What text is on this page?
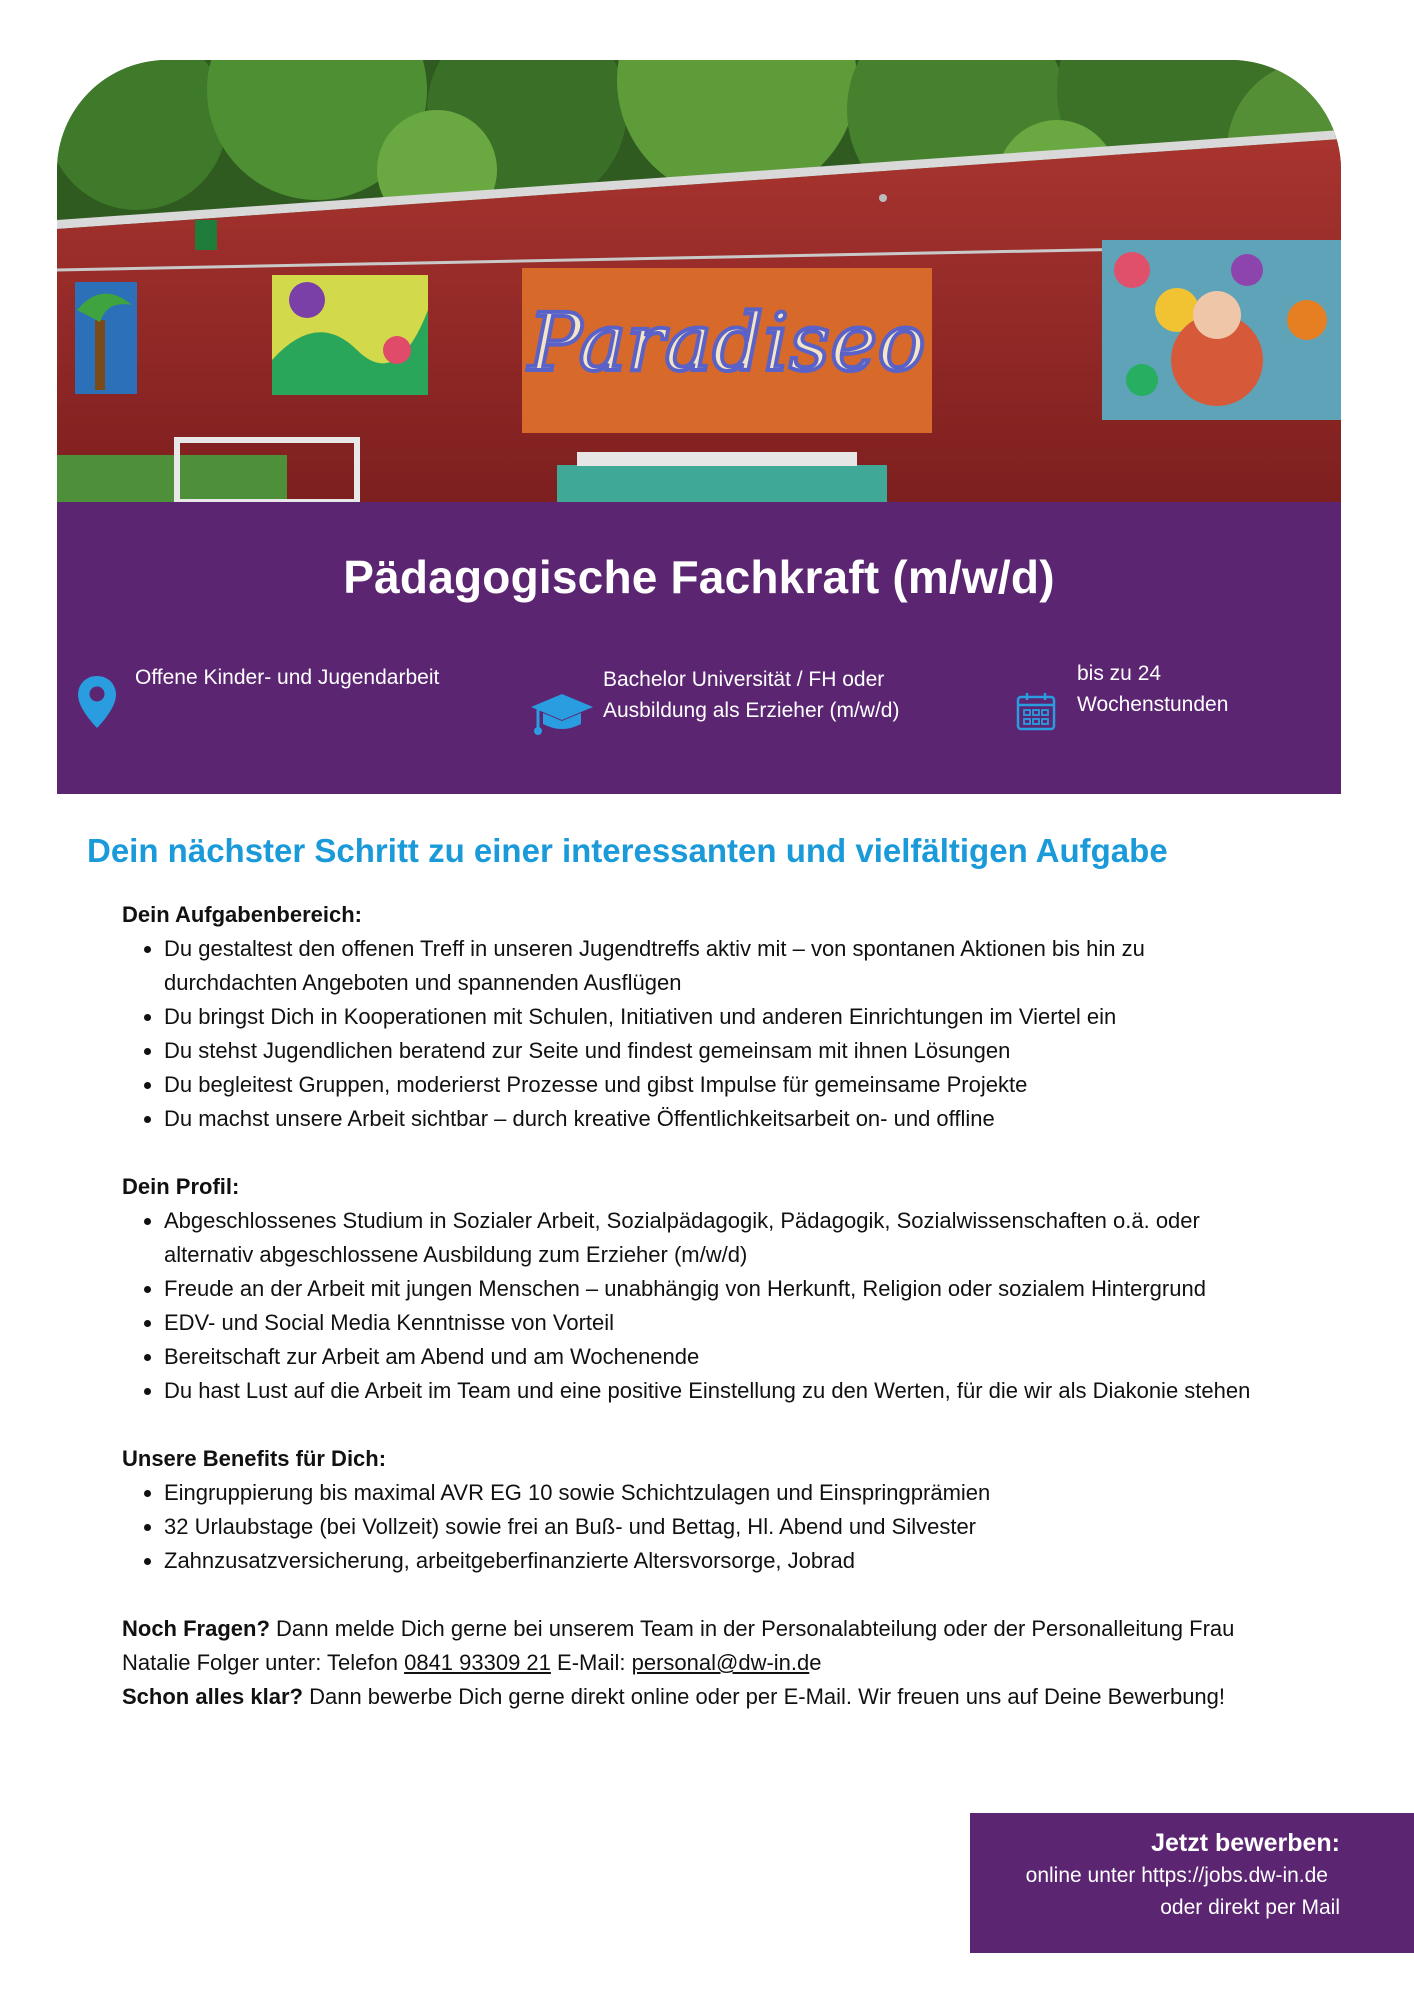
Paradiseo
Pädagogische Fachkraft (m/w/d)
Offene Kinder- und Jugendarbeit	Bachelor Universität / FH oder
Ausbildung als Erzieher (m/w/d)
bis zu 24
Wochenstunden
Dein nächster Schritt zu einer interessanten und vielfältigen Aufgabe
Dein Aufgabenbereich:
• Du gestaltest den offenen Treff in unseren Jugendtreffs aktiv mit – von spontanen Aktionen bis hin zu durchdachten Angeboten und spannenden Ausflügen
• Du bringst Dich in Kooperationen mit Schulen, Initiativen und anderen Einrichtungen im Viertel ein
• Du stehst Jugendlichen beratend zur Seite und findest gemeinsam mit ihnen Lösungen
• Du begleitest Gruppen, moderierst Prozesse und gibst Impulse für gemeinsame Projekte
• Du machst unsere Arbeit sichtbar – durch kreative Öffentlichkeitsarbeit on- und offline
Dein Profil:
• Abgeschlossenes Studium in Sozialer Arbeit, Sozialpädagogik, Pädagogik, Sozialwissenschaften o.ä. oder alternativ abgeschlossene Ausbildung zum Erzieher (m/w/d)
• Freude an der Arbeit mit jungen Menschen – unabhängig von Herkunft, Religion oder sozialem Hintergrund
• EDV- und Social Media Kenntnisse von Vorteil
• Bereitschaft zur Arbeit am Abend und am Wochenende
• Du hast Lust auf die Arbeit im Team und eine positive Einstellung zu den Werten, für die wir als Diakonie stehen
Unsere Benefits für Dich:
• Eingruppierung bis maximal AVR EG 10 sowie Schichtzulagen und Einspringprämien
• 32 Urlaubstage (bei Vollzeit) sowie frei an Buß- und Bettag, Hl. Abend und Silvester
• Zahnzusatzversicherung, arbeitgeberfinanzierte Altersvorsorge, Jobrad

Noch Fragen? Dann melde Dich gerne bei unserem Team in der Personalabteilung oder der Personalleitung Frau Natalie Folger unter: Telefon 0841 93309 21 E-Mail: personal@dw-in.de

Schon alles klar? Dann bewerbe Dich gerne direkt online oder per E-Mail. Wir freuen uns auf Deine Bewerbung!

Jetzt bewerben:
online unter https://jobs.dw-in.de
oder direkt per Mail
